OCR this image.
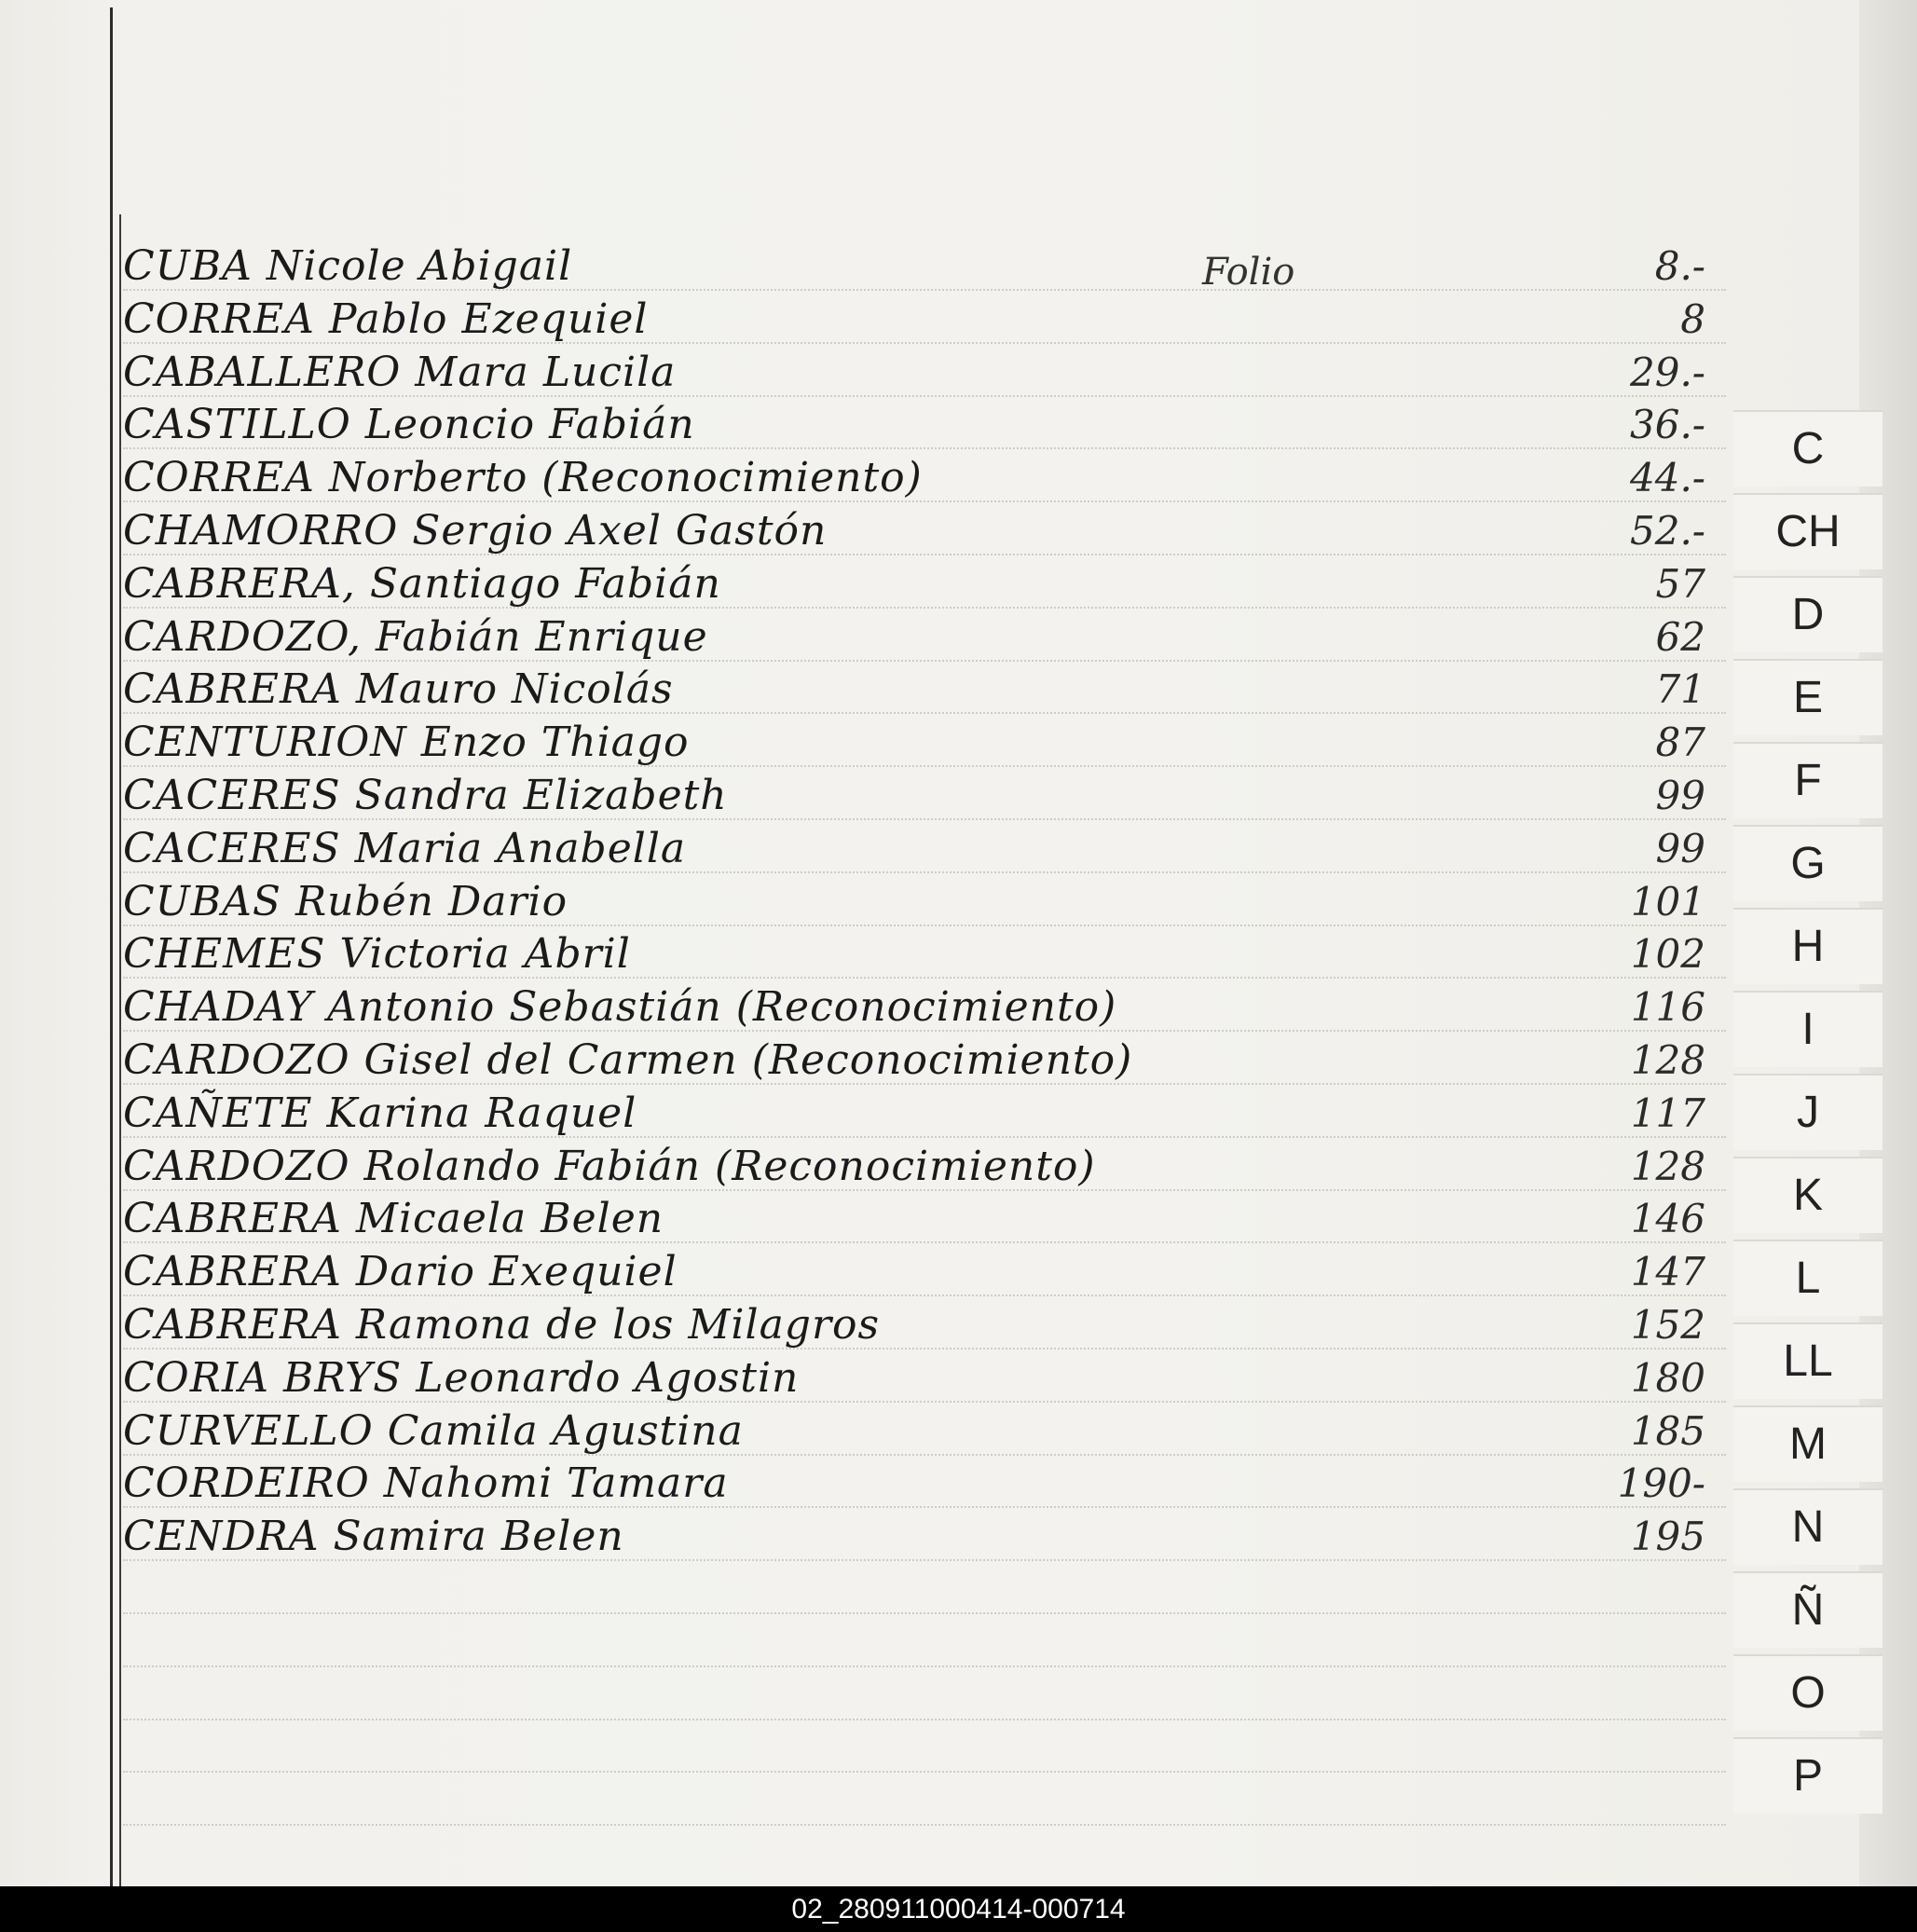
CUBA Nicole Abigail	8.-
CORREA Pablo Ezequiel	8
CABALLERO Mara Lucila	29.-
CASTILLO Leoncio Fabián	36.-
CORREA Norberto (Reconocimiento)	44.-
CHAMORRO Sergio Axel Gastón	52.-
CABRERA, Santiago Fabián	57
CARDOZO, Fabián Enrique	62
CABRERA Mauro Nicolás	71
CENTURION Enzo Thiago	87
CACERES Sandra Elizabeth	99
CACERES Maria Anabella	99
CUBAS Rubén Dario	101
CHEMES Victoria Abril	102
CHADAY Antonio Sebastián (Reconocimiento)	116
CARDOZO Gisel del Carmen (Reconocimiento)	128
CAÑETE Karina Raquel	117
CARDOZO Rolando Fabián (Reconocimiento)	128
CABRERA Micaela Belen	146
CABRERA Dario Exequiel	147
CABRERA Ramona de los Milagros	152
CORIA BRYS Leonardo Agostin	180
CURVELLO Camila Agustina	185
CORDEIRO Nahomi Tamara	190-
CENDRA Samira Belen	195
Folio
C
CH
D
E
F
G
H
I
J
K
L
LL
M
N
Ñ
O
P
02_280911000414-000714
